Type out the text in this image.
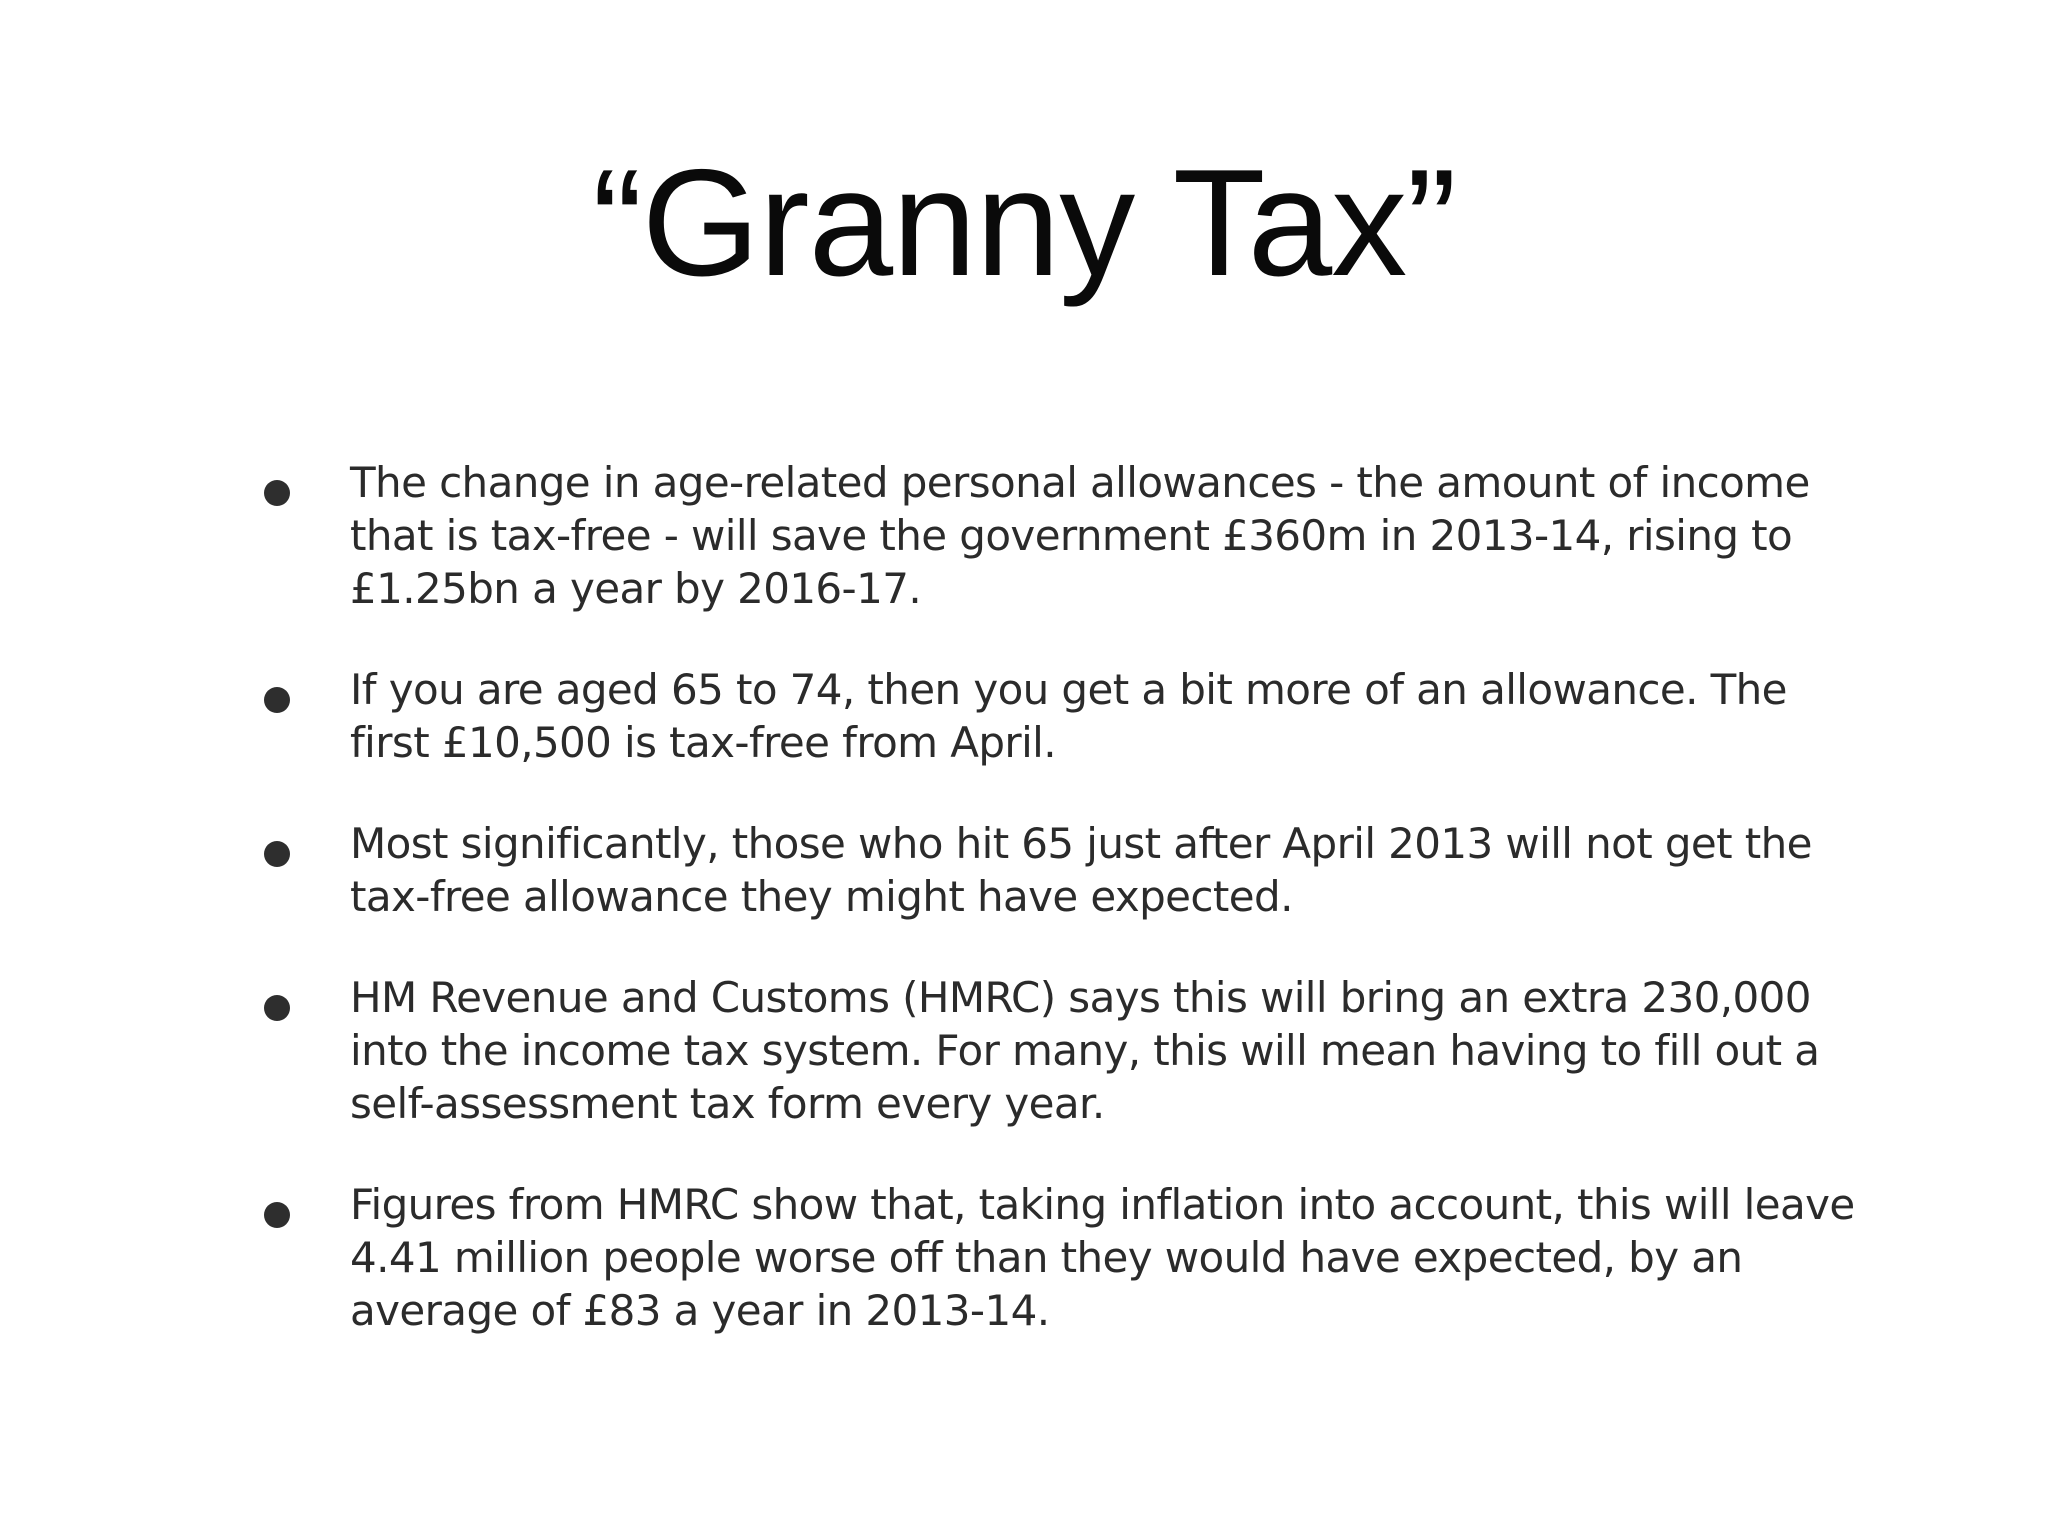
“Granny Tax”
The change in age-related personal allowances - the amount of income that is tax-free - will save the government £360m in 2013-14, rising to £1.25bn a year by 2016-17.
If you are aged 65 to 74, then you get a bit more of an allowance. The first £10,500 is tax-free from April.
Most significantly, those who hit 65 just after April 2013 will not get the tax-free allowance they might have expected.
HM Revenue and Customs (HMRC) says this will bring an extra 230,000 into the income tax system. For many, this will mean having to fill out a self-assessment tax form every year.
Figures from HMRC show that, taking inflation into account, this will leave 4.41 million people worse off than they would have expected, by an average of £83 a year in 2013-14.
